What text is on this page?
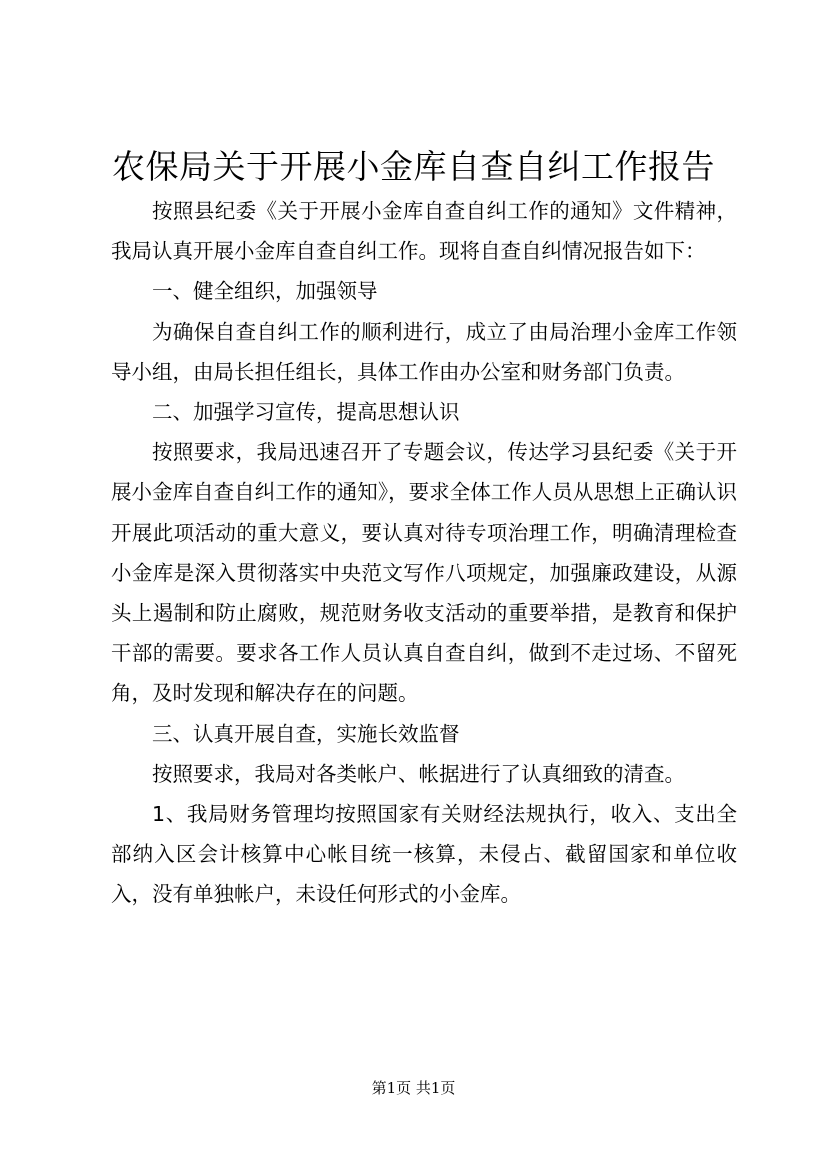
农保局关于开展小金库自查自纠工作报告

按照县纪委《关于开展小金库自查自纠工作的通知》文件精神，我局认真开展小金库自查自纠工作。现将自查自纠情况报告如下：

一、健全组织，加强领导

为确保自查自纠工作的顺利进行，成立了由局治理小金库工作领导小组，由局长担任组长，具体工作由办公室和财务部门负责。

二、加强学习宣传，提高思想认识

按照要求，我局迅速召开了专题会议，传达学习县纪委《关于开展小金库自查自纠工作的通知》，要求全体工作人员从思想上正确认识开展此项活动的重大意义，要认真对待专项治理工作，明确清理检查小金库是深入贯彻落实中央范文写作八项规定，加强廉政建设，从源头上遏制和防止腐败，规范财务收支活动的重要举措，是教育和保护干部的需要。要求各工作人员认真自查自纠，做到不走过场、不留死角，及时发现和解决存在的问题。

三、认真开展自查，实施长效监督

按照要求，我局对各类帐户、帐据进行了认真细致的清查。

1、我局财务管理均按照国家有关财经法规执行，收入、支出全部纳入区会计核算中心帐目统一核算，未侵占、截留国家和单位收入，没有单独帐户，未设任何形式的小金库。

第1页 共1页
